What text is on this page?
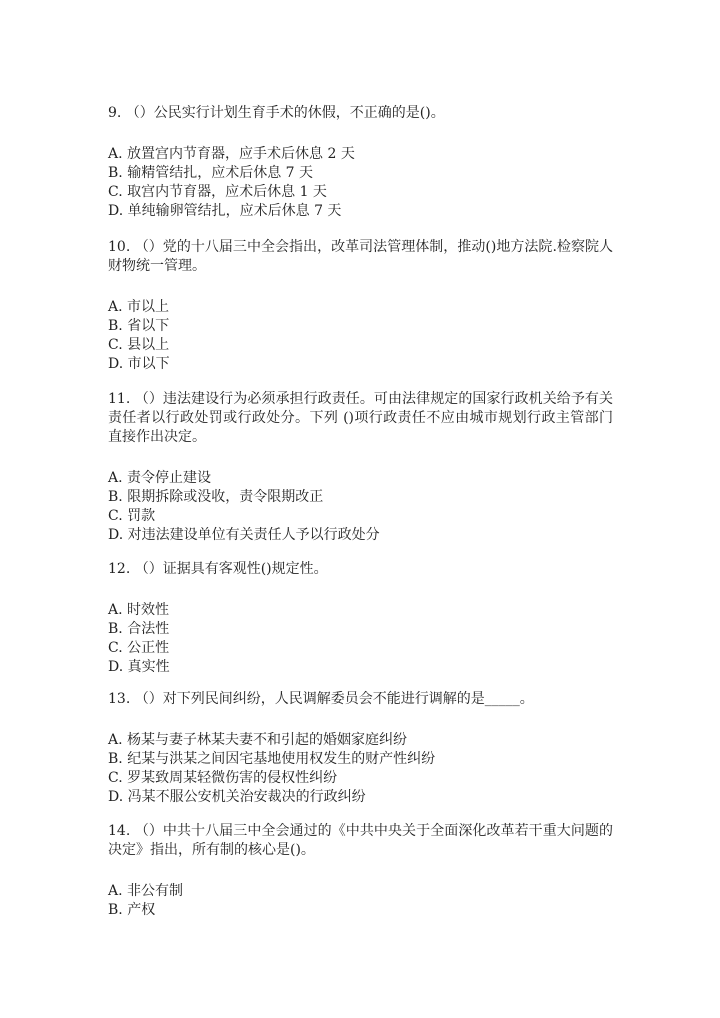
9. （）公民实行计划生育手术的休假，不正确的是()。

A. 放置宫内节育器，应手术后休息 2 天
B. 输精管结扎，应术后休息 7 天
C. 取宫内节育器，应术后休息 1 天
D. 单纯输卵管结扎，应术后休息 7 天

10. （）党的十八届三中全会指出，改革司法管理体制，推动()地方法院.检察院人财物统一管理。

A. 市以上
B. 省以下
C. 县以上
D. 市以下

11. （）违法建设行为必须承担行政责任。可由法律规定的国家行政机关给予有关责任者以行政处罚或行政处分。下列 ()项行政责任不应由城市规划行政主管部门直接作出决定。

A. 责令停止建设
B. 限期拆除或没收，责令限期改正
C. 罚款
D. 对违法建设单位有关责任人予以行政处分

12. （）证据具有客观性()规定性。

A. 时效性
B. 合法性
C. 公正性
D. 真实性

13. （）对下列民间纠纷，人民调解委员会不能进行调解的是_____。

A. 杨某与妻子林某夫妻不和引起的婚姻家庭纠纷
B. 纪某与洪某之间因宅基地使用权发生的财产性纠纷
C. 罗某致周某轻微伤害的侵权性纠纷
D. 冯某不服公安机关治安裁决的行政纠纷

14. （）中共十八届三中全会通过的《中共中央关于全面深化改革若干重大问题的决定》指出，所有制的核心是()。

A. 非公有制
B. 产权
